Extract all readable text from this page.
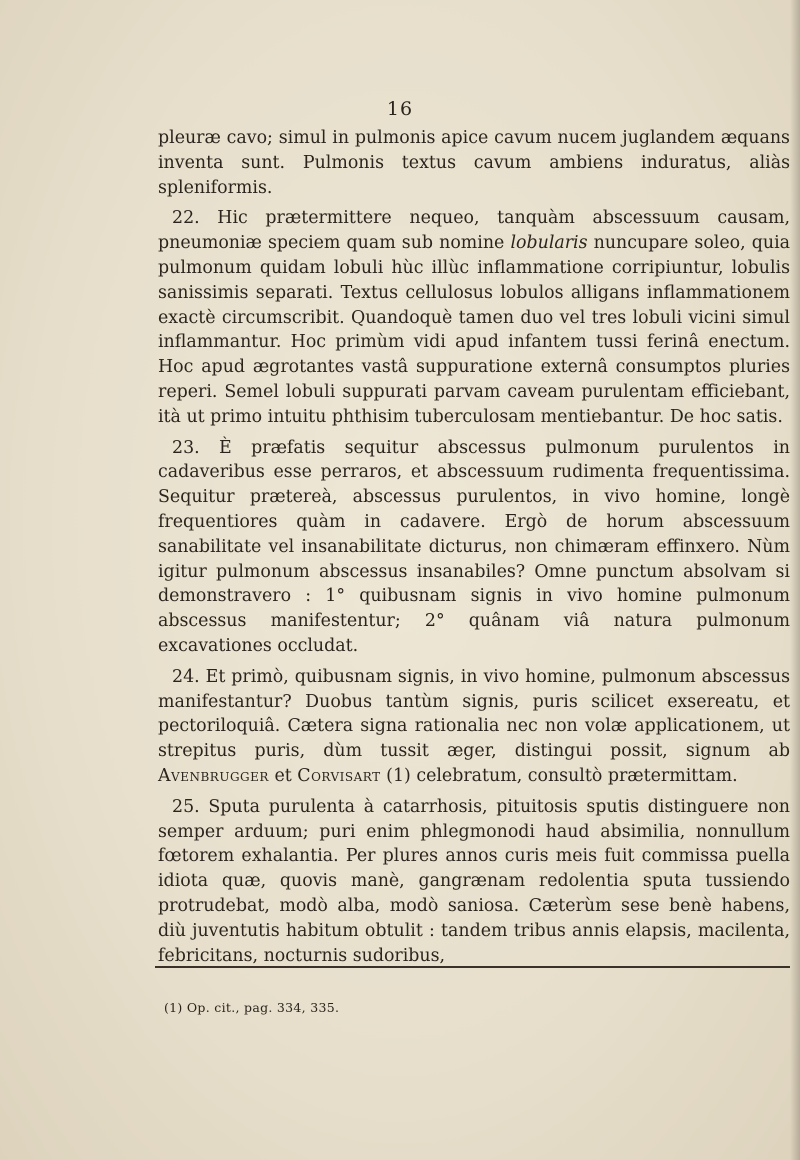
16

pleuræ cavo; simul in pulmonis apice cavum nucem juglandem æquans inventa sunt. Pulmonis textus cavum ambiens induratus, aliàs spleniformis.

22. Hic prætermittere nequeo, tanquàm abscessuum causam, pneumoniæ speciem quam sub nomine lobularis nuncupare soleo, quia pulmonum quidam lobuli hùc illùc inflammatione corripiuntur, lobulis sanissimis separati. Textus cellulosus lobulos alligans inflammationem exactè circumscribit. Quandoquè tamen duo vel tres lobuli vicini simul inflammantur. Hoc primùm vidi apud infantem tussi ferinâ enectum. Hoc apud ægrotantes vastâ suppuratione externâ consumptos pluries reperi. Semel lobuli suppurati parvam caveam purulentam efficiebant, ità ut primo intuitu phthisim tuberculosam mentiebantur. De hoc satis.

23. È præfatis sequitur abscessus pulmonum purulentos in cadaveribus esse perraros, et abscessuum rudimenta frequentissima. Sequitur prætereà, abscessus purulentos, in vivo homine, longè frequentiores quàm in cadavere. Ergò de horum abscessuum sanabilitate vel insanabilitate dicturus, non chimæram effinxero. Nùm igitur pulmonum abscessus insanabiles? Omne punctum absolvam si demonstravero : 1° quibusnam signis in vivo homine pulmonum abscessus manifestentur; 2° quânam viâ natura pulmonum excavationes occludat.

24. Et primò, quibusnam signis, in vivo homine, pulmonum abscessus manifestantur? Duobus tantùm signis, puris scilicet exsereatu, et pectoriloquiâ. Cætera signa rationalia nec non volæ applicationem, ut strepitus puris, dùm tussit æger, distingui possit, signum ab Avenbrugger et Corvisart (1) celebratum, consultò prætermittam.

25. Sputa purulenta à catarrhosis, pituitosis sputis distinguere non semper arduum; puri enim phlegmonodi haud absimilia, nonnullum fœtorem exhalantia. Per plures annos curis meis fuit commissa puella idiota quæ, quovis manè, gangrænam redolentia sputa tussiendo protrudebat, modò alba, modò saniosa. Cæterùm sese benè habens, diù juventutis habitum obtulit : tandem tribus annis elapsis, macilenta, febricitans, nocturnis sudoribus,

(1) Op. cit., pag. 334, 335.
